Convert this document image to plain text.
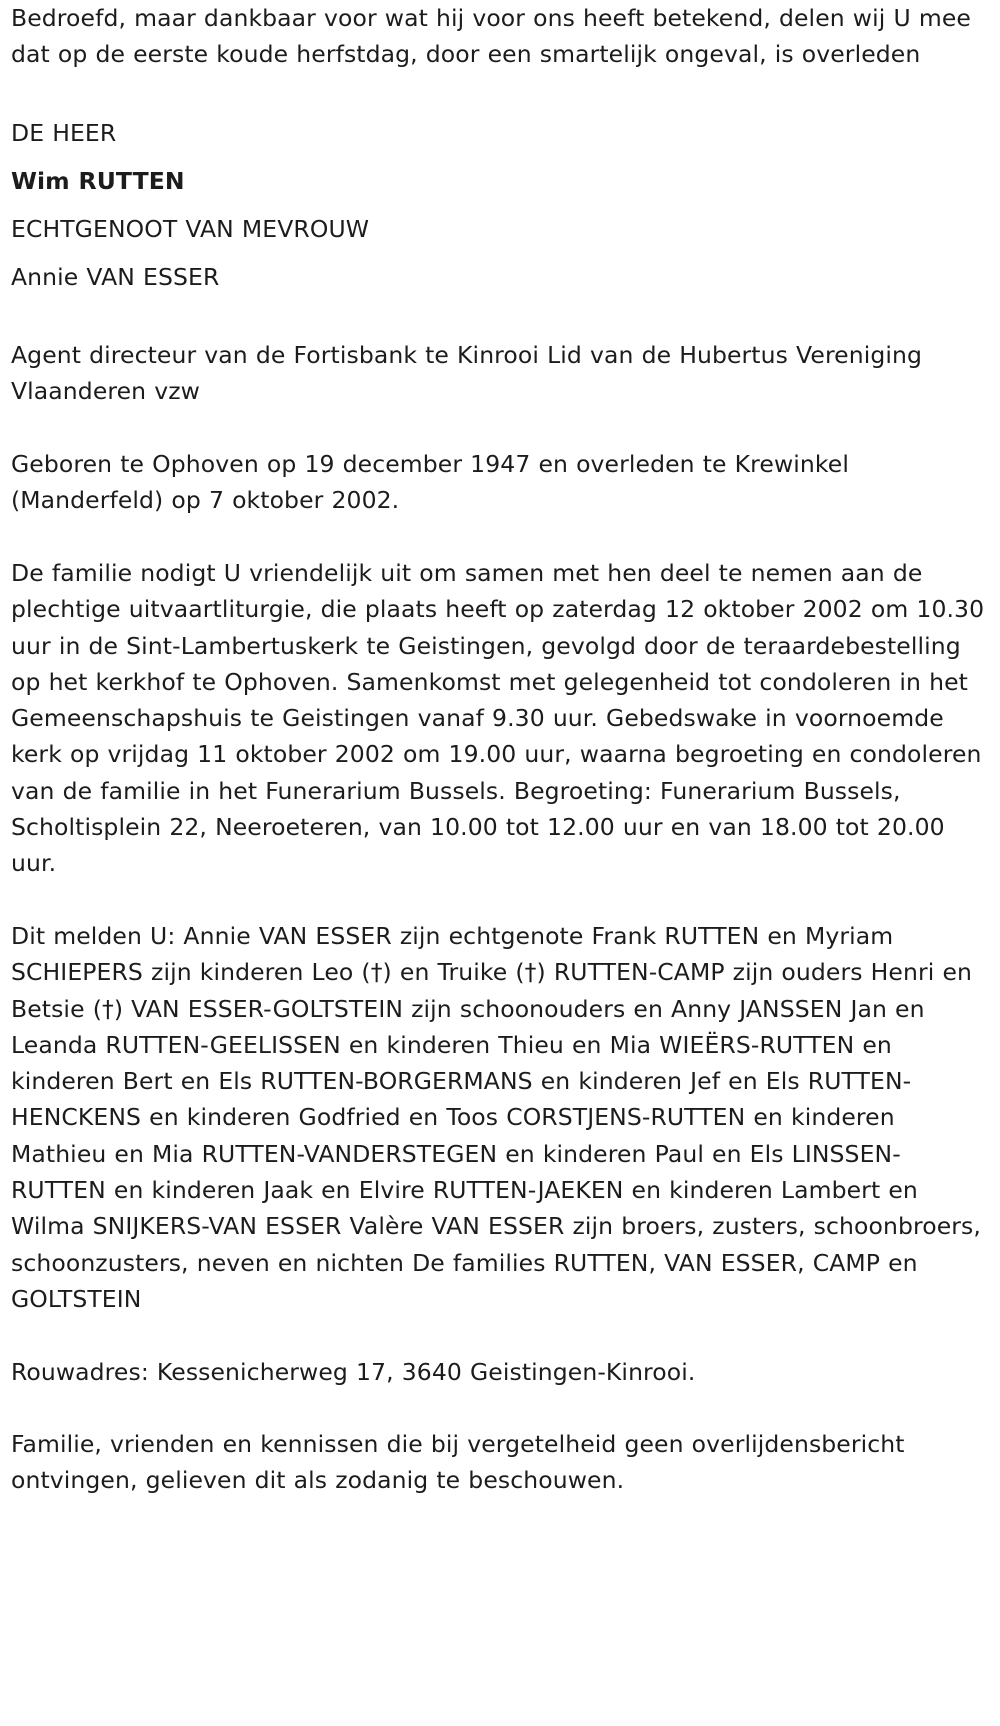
Bedroefd, maar dankbaar voor wat hij voor ons heeft betekend, delen wij U mee dat op de eerste koude herfstdag, door een smartelijk ongeval, is overleden

DE HEER
Wim RUTTEN
ECHTGENOOT VAN MEVROUW
Annie VAN ESSER

Agent directeur van de Fortisbank te Kinrooi Lid van de Hubertus Vereniging Vlaanderen vzw

Geboren te Ophoven op 19 december 1947 en overleden te Krewinkel (Manderfeld) op 7 oktober 2002.

De familie nodigt U vriendelijk uit om samen met hen deel te nemen aan de plechtige uitvaartliturgie, die plaats heeft op zaterdag 12 oktober 2002 om 10.30 uur in de Sint-Lambertuskerk te Geistingen, gevolgd door de teraardebestelling op het kerkhof te Ophoven. Samenkomst met gelegenheid tot condoleren in het Gemeenschapshuis te Geistingen vanaf 9.30 uur. Gebedswake in voornoemde kerk op vrijdag 11 oktober 2002 om 19.00 uur, waarna begroeting en condoleren van de familie in het Funerarium Bussels. Begroeting: Funerarium Bussels, Scholtisplein 22, Neeroeteren, van 10.00 tot 12.00 uur en van 18.00 tot 20.00 uur.

Dit melden U: Annie VAN ESSER zijn echtgenote Frank RUTTEN en Myriam SCHIEPERS zijn kinderen Leo (†) en Truike (†) RUTTEN-CAMP zijn ouders Henri en Betsie (†) VAN ESSER-GOLTSTEIN zijn schoonouders en Anny JANSSEN Jan en Leanda RUTTEN-GEELISSEN en kinderen Thieu en Mia WIEËRS-RUTTEN en kinderen Bert en Els RUTTEN-BORGERMANS en kinderen Jef en Els RUTTEN-HENCKENS en kinderen Godfried en Toos CORSTJENS-RUTTEN en kinderen Mathieu en Mia RUTTEN-VANDERSTEGEN en kinderen Paul en Els LINSSEN-RUTTEN en kinderen Jaak en Elvire RUTTEN-JAEKEN en kinderen Lambert en Wilma SNIJKERS-VAN ESSER Valère VAN ESSER zijn broers, zusters, schoonbroers, schoonzusters, neven en nichten De families RUTTEN, VAN ESSER, CAMP en GOLTSTEIN

Rouwadres: Kessenicherweg 17, 3640 Geistingen-Kinrooi.

Familie, vrienden en kennissen die bij vergetelheid geen overlijdensbericht ontvingen, gelieven dit als zodanig te beschouwen.
